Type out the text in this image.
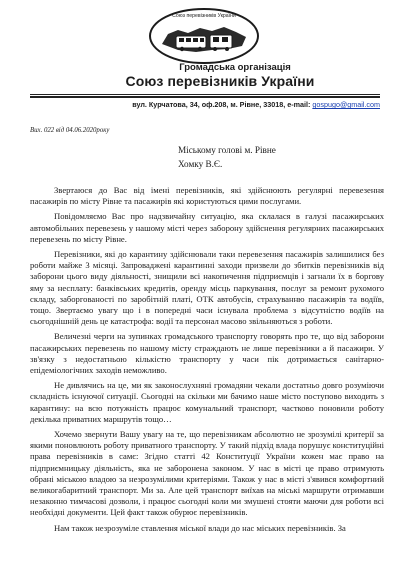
Союз перевізників України
Громадська організація
Союз перевізників України
вул. Курчатова, 34, оф.208, м. Рівне, 33018, e-mail: gospugo@gmail.com
Вих. 022 від 04.06.2020року
Міському голові м. Рівне
Хомку В.Є.

Звертаюся до Вас від імені перевізників, які здійснюють регулярні перевезення пасажирів по місту Рівне та пасажирів які користуються цими послугами.

Повідомляємо Вас про надзвичайну ситуацію, яка склалася в галузі пасажирських автомобільних перевезень у нашому місті через заборону здійснення регулярних пасажирських перевезень по місту Рівне.

Перевізники, які до карантину здійснювали таки перевезення пасажирів залишилися без роботи майже 3 місяці. Запроваджені карантинні заходи призвели до збитків перевізників від заборони цього виду діяльності, знищили всі накопичення підприємців і загнали їх в боргову яму за несплату: банківських кредитів, оренду місць паркування, послуг за ремонт рухомого складу, заборгованості по заробітній платі, ОТК автобусів, страхуванню пасажирів та водіїв, тощо. Звертаємо увагу що і в попередні часи існувала проблема з відсутністю водіїв на сьогоднішній день це катастрофа: водії та персонал масово звільняються з роботи.

Величезні черги на зупинках громадського транспорту говорять про те, що від заборони пасажирських перевезень по нашому місту страждають не лише перевізники а й пасажири. У зв'язку з недостатньою кількістю транспорту у часи пік дотримається санітарно-епідеміологічних заходів неможливо.

Не дивлячись на це, ми як законослухняні громадяни чекали достатньо довго розуміючи складність існуючої ситуації. Сьогодні на скільки ми бачимо наше місто поступово виходить з карантину: на всю потужність працює комунальний транспорт, частково поновили роботу декілька приватних маршрутів тощо…

Хочемо звернути Вашу увагу на те, що перевізникам абсолютно не зрозумілі критерії за якими поновлюють роботу приватного транспорту. У такий підхід влада порушує конституційні права перевізників в самє: Згідно статті 42 Конституції України кожен має право на підприємницьку діяльність, яка не заборонена законом. У нас в місті це право отримують обрані міською владою за незрозумілими критеріями. Також у нас в місті з'явився комфортний великогабаритний транспорт. Ми за. Але цей транспорт виїхав на міські маршрути отримавши незаконно тимчасові дозволи, і працює сьогодні коли ми змушені стояти маючи для роботи всі необхідні документи. Цей факт також обурює перевізників.

Нам також незрозуміле ставлення міської влади до нас міських перевізників. За
